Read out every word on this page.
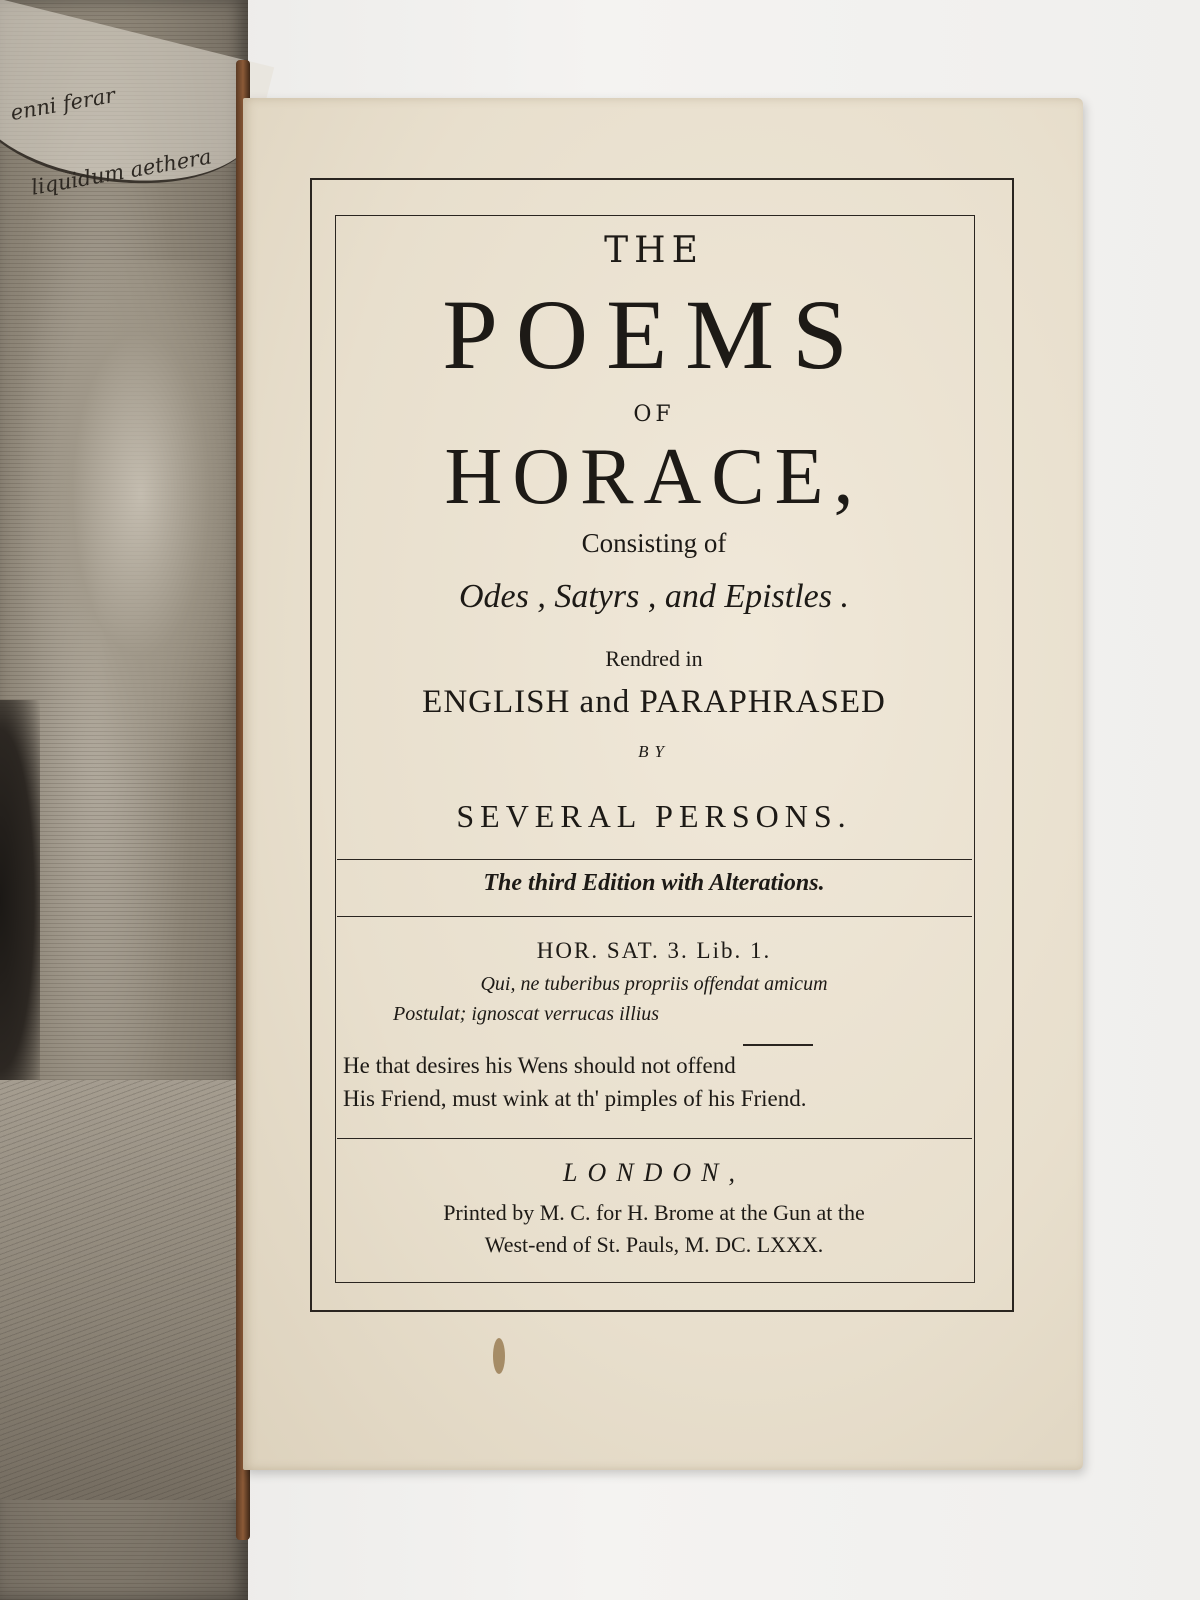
enni ferar
liquidum aethera
THE
POEMS
OF
HORACE,
Consisting of
Odes , Satyrs , and Epistles .
Rendred in
ENGLISH and PARAPHRASED
BY
SEVERAL PERSONS.
The third Edition with Alterations.
HOR. SAT. 3. Lib. 1.
Qui, ne tuberibus propriis offendat amicum
Postulat; ignoscat verrucas illius
He that desires his Wens should not offend
His Friend, must wink at th' pimples of his Friend.
LONDON,
Printed by M. C. for H. Brome at the Gun at the
West-end of St. Pauls, M. DC. LXXX.
